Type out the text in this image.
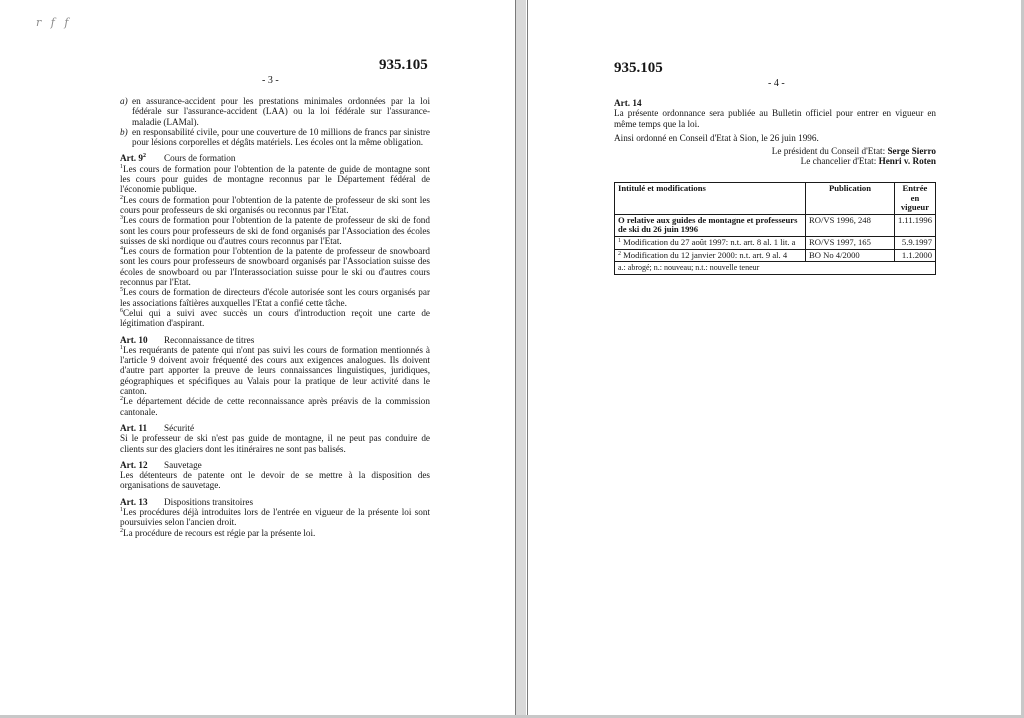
r f f
935.105
- 3 -
a) en assurance-accident pour les prestations minimales ordonnées par la loi fédérale sur l'assurance-accident (LAA) ou la loi fédérale sur l'assurance-maladie (LAMal).
b) en responsabilité civile, pour une couverture de 10 millions de francs par sinistre pour lésions corporelles et dégâts matériels. Les écoles ont la même obligation.
Art. $9^2$	Cours de formation

$^1$Les cours de formation pour l'obtention de la patente de guide de montagne sont les cours pour guides de montagne reconnus par le Département fédéral de l'économie publique.

$^2$Les cours de formation pour l'obtention de la patente de professeur de ski sont les cours pour professeurs de ski organisés ou reconnus par l'Etat.

$^3$Les cours de formation pour l'obtention de la patente de professeur de ski de fond sont les cours pour professeurs de ski de fond organisés par l'Association des écoles suisses de ski nordique ou d'autres cours reconnus par l'Etat.

$^4$Les cours de formation pour l'obtention de la patente de professeur de snowboard sont les cours pour professeurs de snowboard organisés par l'Association suisse des écoles de snowboard ou par l'Interassociation suisse pour le ski ou d'autres cours reconnus par l'Etat.

$^5$Les cours de formation de directeurs d'école autorisée sont les cours organisés par les associations faîtières auxquelles l'Etat a confié cette tâche.

$^6$Celui qui a suivi avec succès un cours d'introduction reçoit une carte de légitimation d'aspirant.

Art. 10	Reconnaissance de titres

$^1$Les requérants de patente qui n'ont pas suivi les cours de formation mentionnés à l'article 9 doivent avoir fréquenté des cours aux exigences analogues. Ils doivent d'autre part apporter la preuve de leurs connaissances linguistiques, juridiques, géographiques et spécifiques au Valais pour la pratique de leur activité dans le canton.

$^2$Le département décide de cette reconnaissance après préavis de la commission cantonale.

Art. 11	Sécurité

Si le professeur de ski n'est pas guide de montagne, il ne peut pas conduire de clients sur des glaciers dont les itinéraires ne sont pas balisés.

Art. 12	Sauvetage

Les détenteurs de patente ont le devoir de se mettre à la disposition des organisations de sauvetage.

Art. 13	Dispositions transitoires

$^1$Les procédures déjà introduites lors de l'entrée en vigueur de la présente loi sont poursuivies selon l'ancien droit.

$^2$La procédure de recours est régie par la présente loi.

935.105
- 4 -
Art. 14

La présente ordonnance sera publiée au Bulletin officiel pour entrer en vigueur en même temps que la loi.

Ainsi ordonné en Conseil d'Etat à Sion, le 26 juin 1996.

Le président du Conseil d'Etat: Serge Sierro
Le chancelier d'Etat: Henri v. Roten
Intitulé et modifications	Publication	Entrée en vigueur
O relative aux guides de montagne et professeurs de ski du 26 juin 1996	RO/VS 1996, 248	1.11.1996
$^1$ Modification du 27 août 1997: n.t. art. 8 al. 1 lit. a	RO/VS 1997, 165	5.9.1997
$^2$ Modification du 12 janvier 2000: n.t. art. 9 al. 4	BO No 4/2000	1.1.2000
a.: abrogé; n.: nouveau; n.t.: nouvelle teneur		
